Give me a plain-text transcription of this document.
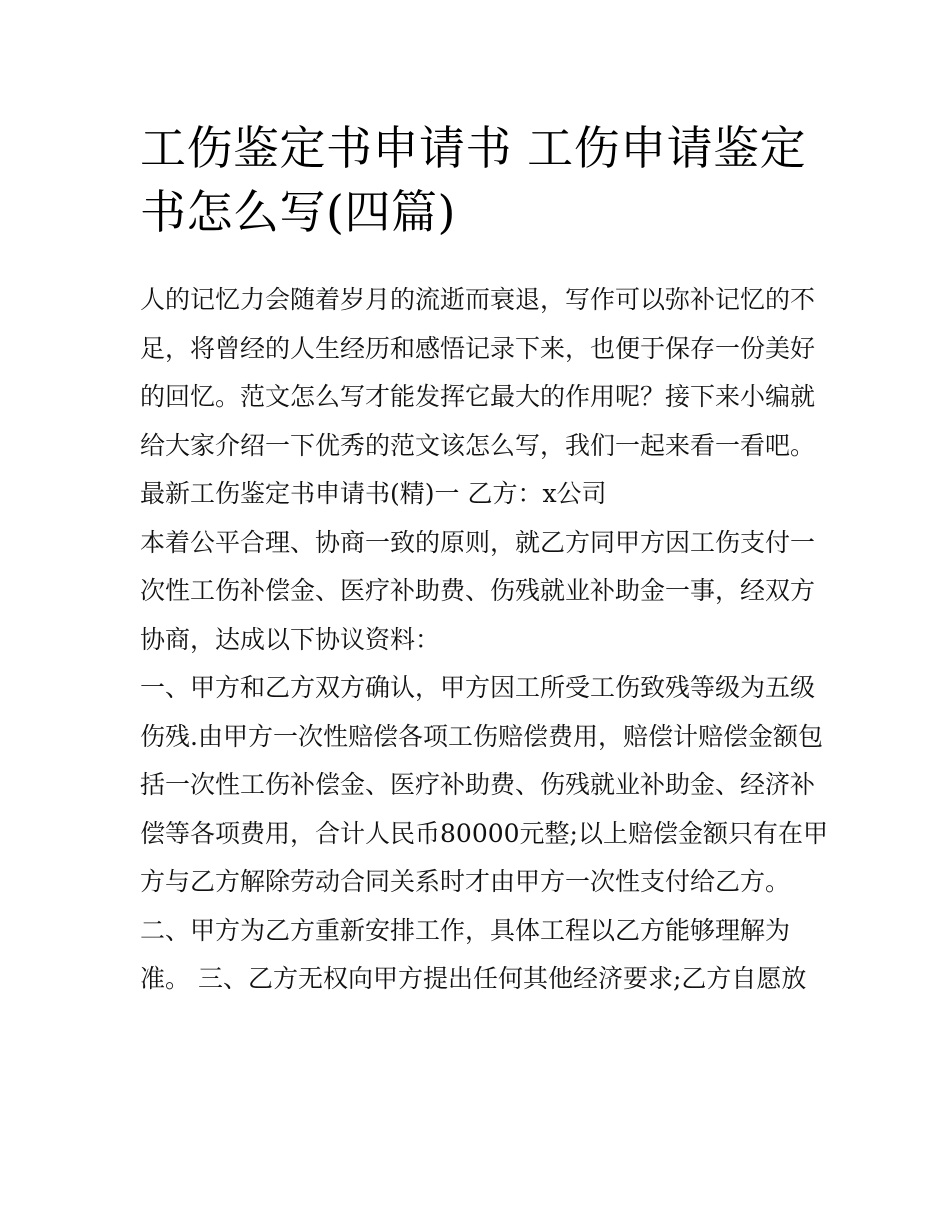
工伤鉴定书申请书 工伤申请鉴定书怎么写(四篇)

人的记忆力会随着岁月的流逝而衰退，写作可以弥补记忆的不足，将曾经的人生经历和感悟记录下来，也便于保存一份美好的回忆。范文怎么写才能发挥它最大的作用呢？接下来小编就给大家介绍一下优秀的范文该怎么写，我们一起来看一看吧。

最新工伤鉴定书申请书(精)一 乙方：x公司

本着公平合理、协商一致的原则，就乙方同甲方因工伤支付一次性工伤补偿金、医疗补助费、伤残就业补助金一事，经双方协商，达成以下协议资料：

一、甲方和乙方双方确认，甲方因工所受工伤致残等级为五级伤残.由甲方一次性赔偿各项工伤赔偿费用，赔偿计赔偿金额包括一次性工伤补偿金、医疗补助费、伤残就业补助金、经济补偿等各项费用，合计人民币80000元整;以上赔偿金额只有在甲方与乙方解除劳动合同关系时才由甲方一次性支付给乙方。

二、甲方为乙方重新安排工作，具体工程以乙方能够理解为准。 三、乙方无权向甲方提出任何其他经济要求;乙方自愿放
